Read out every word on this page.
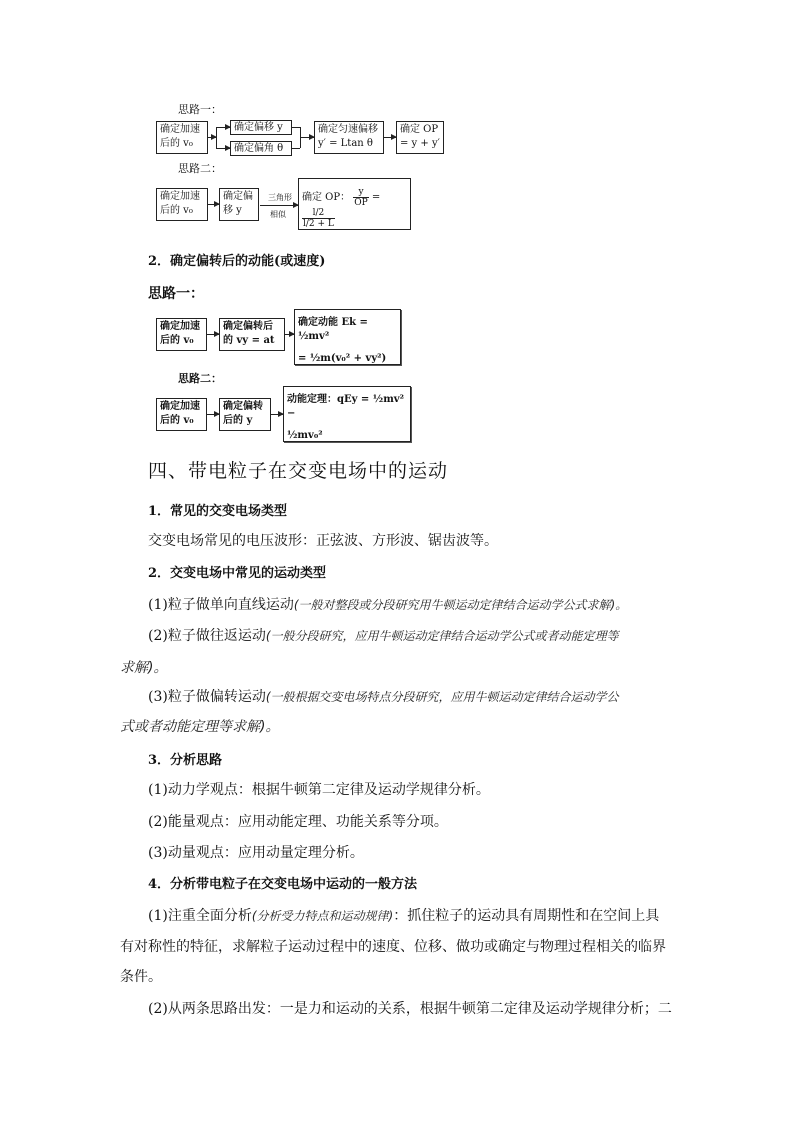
思路一：
确定加速
后的 v₀
确定偏移 y
确定偏角 θ
确定匀速偏移
y′ = Ltan θ
确定 OP
= y + y′
思路二：
确定加速
后的 v₀
确定偏
移 y
三角形
相似
确定 OP： $\frac{y}{OP}$ =
$\frac{l/2}{l/2 + L}$
2．确定偏转后的动能(或速度)
思路一：
确定加速
后的 v₀
确定偏转后
的 vy = at
确定动能 Ek = ½mv²
= ½m(v₀² + vy²)
思路二：
确定加速
后的 v₀
确定偏转
后的 y
动能定理：qEy = ½mv² −
½mv₀²
四、带电粒子在交变电场中的运动
1．常见的交变电场类型
交变电场常见的电压波形：正弦波、方形波、锯齿波等。
2．交变电场中常见的运动类型
(1)粒子做单向直线运动(一般对整段或分段研究用牛顿运动定律结合运动学公式求解)。
(2)粒子做往返运动(一般分段研究，应用牛顿运动定律结合运动学公式或者动能定理等
求解)。
(3)粒子做偏转运动(一般根据交变电场特点分段研究，应用牛顿运动定律结合运动学公
式或者动能定理等求解)。
3．分析思路
(1)动力学观点：根据牛顿第二定律及运动学规律分析。
(2)能量观点：应用动能定理、功能关系等分项。
(3)动量观点：应用动量定理分析。
4．分析带电粒子在交变电场中运动的一般方法
(1)注重全面分析(分析受力特点和运动规律)：抓住粒子的运动具有周期性和在空间上具
有对称性的特征，求解粒子运动过程中的速度、位移、做功或确定与物理过程相关的临界
条件。
(2)从两条思路出发：一是力和运动的关系，根据牛顿第二定律及运动学规律分析；二
